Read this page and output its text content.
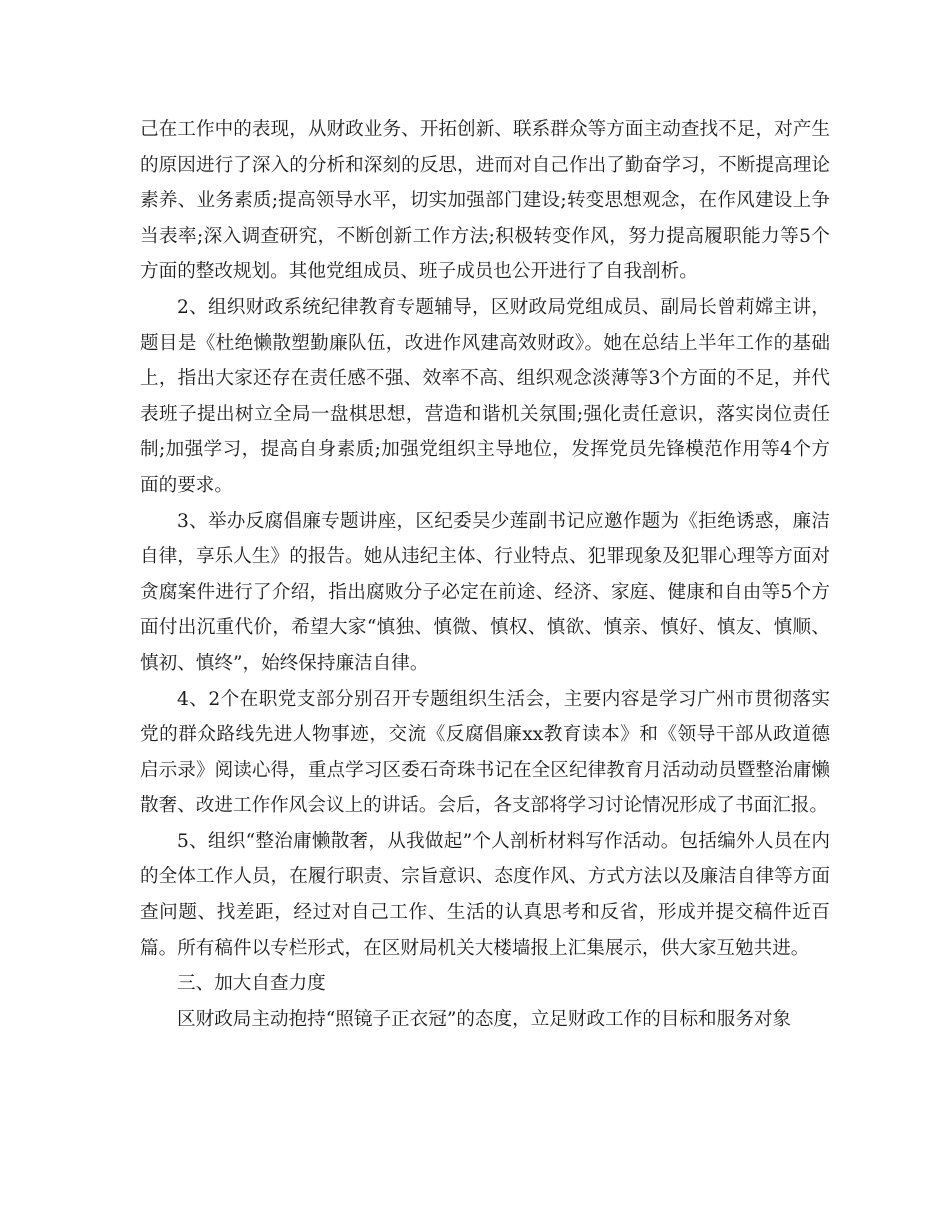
己在工作中的表现，从财政业务、开拓创新、联系群众等方面主动查找不足，对产生的原因进行了深入的分析和深刻的反思，进而对自己作出了勤奋学习，不断提高理论素养、业务素质;提高领导水平，切实加强部门建设;转变思想观念，在作风建设上争当表率;深入调查研究，不断创新工作方法;积极转变作风，努力提高履职能力等5个方面的整改规划。其他党组成员、班子成员也公开进行了自我剖析。

2、组织财政系统纪律教育专题辅导，区财政局党组成员、副局长曾莉嫦主讲，题目是《杜绝懒散塑勤廉队伍，改进作风建高效财政》。她在总结上半年工作的基础上，指出大家还存在责任感不强、效率不高、组织观念淡薄等3个方面的不足，并代表班子提出树立全局一盘棋思想，营造和谐机关氛围;强化责任意识，落实岗位责任制;加强学习，提高自身素质;加强党组织主导地位，发挥党员先锋模范作用等4个方面的要求。

3、举办反腐倡廉专题讲座，区纪委吴少莲副书记应邀作题为《拒绝诱惑，廉洁自律，享乐人生》的报告。她从违纪主体、行业特点、犯罪现象及犯罪心理等方面对贪腐案件进行了介绍，指出腐败分子必定在前途、经济、家庭、健康和自由等5个方面付出沉重代价，希望大家“慎独、慎微、慎权、慎欲、慎亲、慎好、慎友、慎顺、慎初、慎终”，始终保持廉洁自律。

4、2个在职党支部分别召开专题组织生活会，主要内容是学习广州市贯彻落实党的群众路线先进人物事迹，交流《反腐倡廉xx教育读本》和《领导干部从政道德启示录》阅读心得，重点学习区委石奇珠书记在全区纪律教育月活动动员暨整治庸懒散奢、改进工作作风会议上的讲话。会后，各支部将学习讨论情况形成了书面汇报。

5、组织“整治庸懒散奢，从我做起”个人剖析材料写作活动。包括编外人员在内的全体工作人员，在履行职责、宗旨意识、态度作风、方式方法以及廉洁自律等方面查问题、找差距，经过对自己工作、生活的认真思考和反省，形成并提交稿件近百篇。所有稿件以专栏形式，在区财局机关大楼墙报上汇集展示，供大家互勉共进。

三、加大自查力度

区财政局主动抱持“照镜子正衣冠”的态度，立足财政工作的目标和服务对象
